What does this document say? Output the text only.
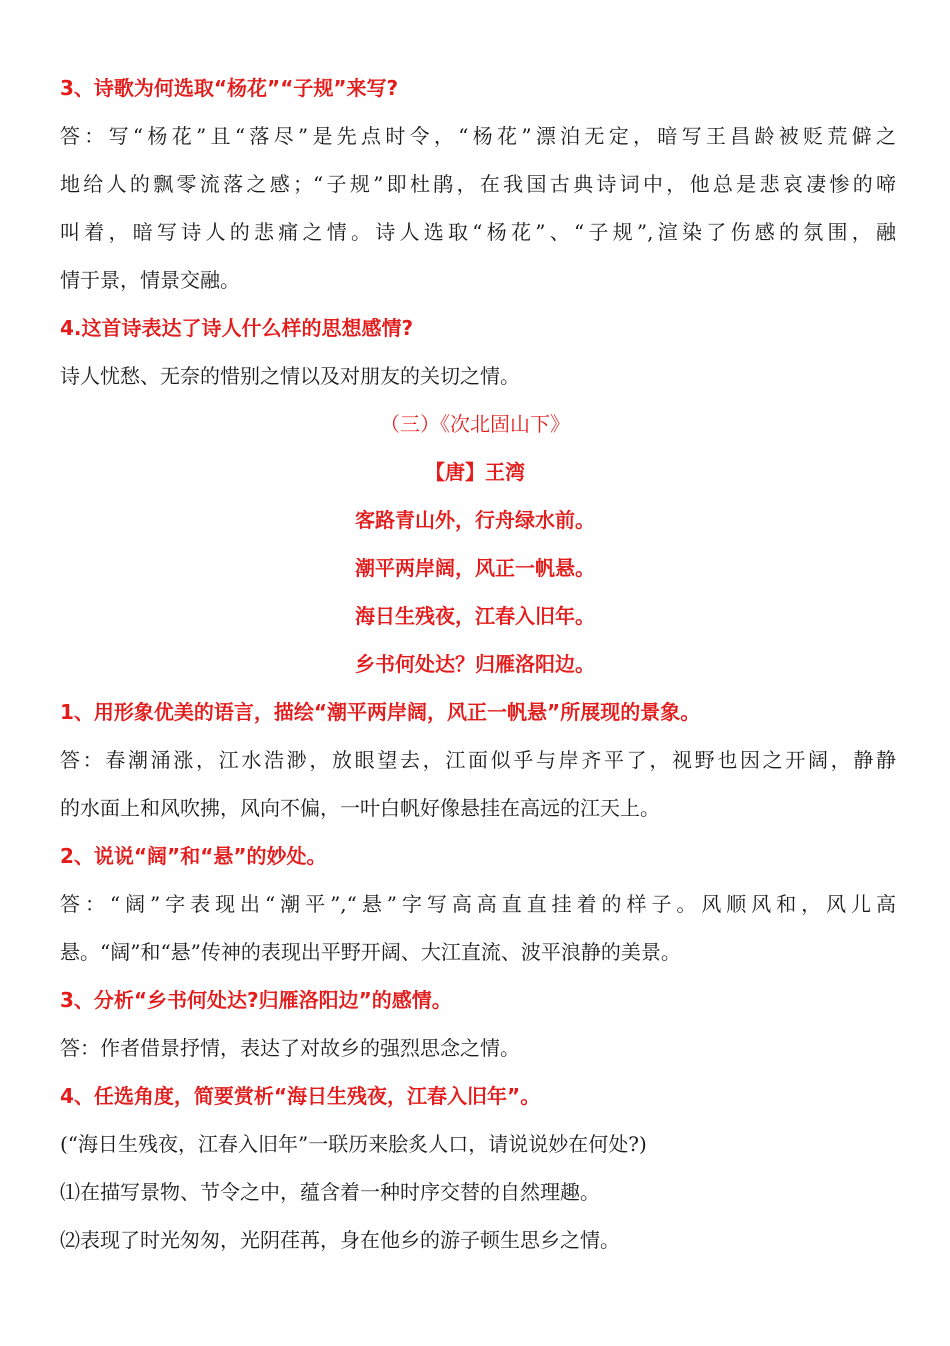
3、诗歌为何选取“杨花”“子规”来写?
答：写“杨花”且“落尽”是先点时令，“杨花”漂泊无定，暗写王昌龄被贬荒僻之
地给人的飘零流落之感；“子规”即杜鹃，在我国古典诗词中，他总是悲哀凄惨的啼
叫着，暗写诗人的悲痛之情。诗人选取“杨花”、“子规”,渲染了伤感的氛围，融
情于景，情景交融。
4.这首诗表达了诗人什么样的思想感情?
诗人忧愁、无奈的惜别之情以及对朋友的关切之情。
（三）《次北固山下》
【唐】王湾
客路青山外，行舟绿水前。
潮平两岸阔，风正一帆悬。
海日生残夜，江春入旧年。
乡书何处达？归雁洛阳边。
1、用形象优美的语言，描绘“潮平两岸阔，风正一帆悬”所展现的景象。
答：春潮涌涨，江水浩渺，放眼望去，江面似乎与岸齐平了，视野也因之开阔，静静
的水面上和风吹拂，风向不偏，一叶白帆好像悬挂在高远的江天上。
2、说说“阔”和“悬”的妙处。
答：“阔”字表现出“潮平”,“悬”字写高高直直挂着的样子。风顺风和，风儿高
悬。“阔”和“悬”传神的表现出平野开阔、大江直流、波平浪静的美景。
3、分析“乡书何处达?归雁洛阳边”的感情。
答：作者借景抒情，表达了对故乡的强烈思念之情。
4、任选角度，简要赏析“海日生残夜，江春入旧年”。
(“海日生残夜，江春入旧年”一联历来脍炙人口，请说说妙在何处?)
⑴在描写景物、节令之中，蕴含着一种时序交替的自然理趣。
⑵表现了时光匆匆，光阴荏苒，身在他乡的游子顿生思乡之情。
